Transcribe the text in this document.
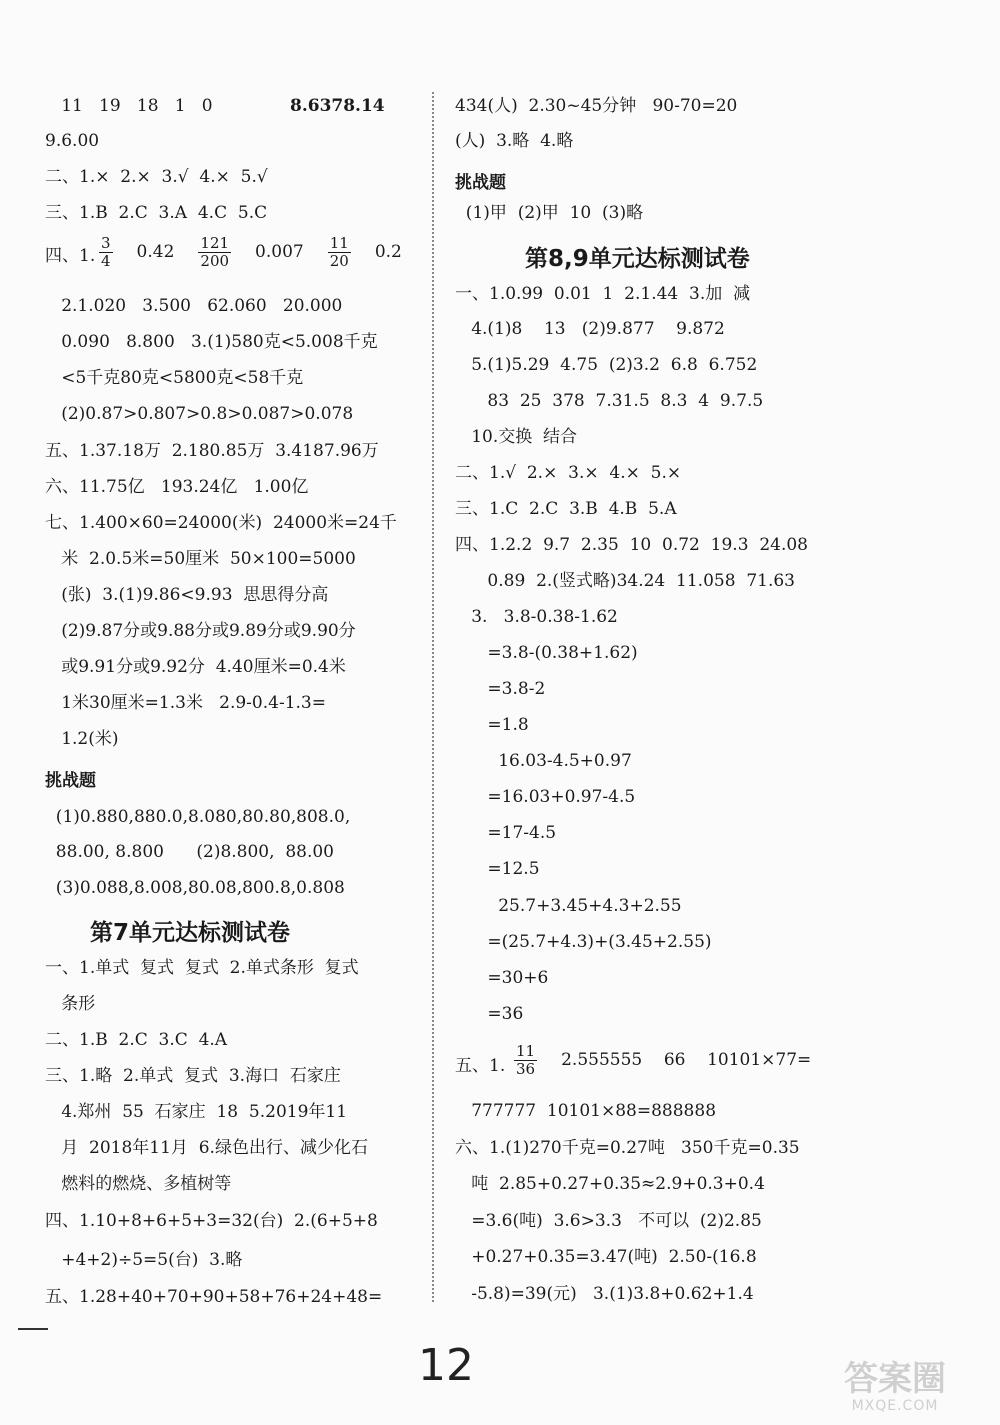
11   19   18   1   0	8.6378.14
9.6.00
二、1.×  2.×  3.√  4.×  5.√
三、1.B  2.C  3.A  4.C  5.C
四、1. $\frac{3}{4} 0.42 \frac{121}{200} 0.007 \frac{11}{20} 0.2$
2.1.020   3.500   62.060   20.000
0.090   8.800   3.(1)580克<5.008千克
<5千克80克<5800克<58千克
(2)0.87>0.807>0.8>0.087>0.078
五、1.37.18万  2.180.85万  3.4187.96万
六、11.75亿   193.24亿   1.00亿
七、1.400×60=24000(米)  24000米=24千
米  2.0.5米=50厘米  50×100=5000
(张)  3.(1)9.86<9.93  思思得分高
(2)9.87分或9.88分或9.89分或9.90分
或9.91分或9.92分  4.40厘米=0.4米
1米30厘米=1.3米   2.9-0.4-1.3=
1.2(米)
挑战题
(1)0.880,880.0,8.080,80.80,808.0,
88.00, 8.800      (2)8.800,  88.00
(3)0.088,8.008,80.08,800.8,0.808
第7单元达标测试卷
一、1.单式  复式  复式  2.单式条形  复式
条形
二、1.B  2.C  3.C  4.A
三、1.略  2.单式  复式  3.海口  石家庄
4.郑州  55  石家庄  18  5.2019年11
月  2018年11月  6.绿色出行、减少化石
燃料的燃烧、多植树等
四、1.10+8+6+5+3=32(台)  2.(6+5+8
+4+2)÷5=5(台)  3.略
五、1.28+40+70+90+58+76+24+48=
434(人)  2.30~45分钟   90-70=20
(人)  3.略  4.略
挑战题
(1)甲  (2)甲  10  (3)略
第8,9单元达标测试卷
一、1.0.99  0.01  1  2.1.44  3.加  减
4.(1)8    13   (2)9.877    9.872
5.(1)5.29  4.75  (2)3.2  6.8  6.752
83  25  378  7.31.5  8.3  4  9.7.5
10.交换  结合
二、1.√  2.×  3.×  4.×  5.×
三、1.C  2.C  3.B  4.B  5.A
四、1.2.2  9.7  2.35  10  0.72  19.3  24.08
0.89  2.(竖式略)34.24  11.058  71.63
3.   3.8-0.38-1.62
=3.8-(0.38+1.62)
=3.8-2
=1.8
16.03-4.5+0.97
=16.03+0.97-4.5
=17-4.5
=12.5
25.7+3.45+4.3+2.55
=(25.7+4.3)+(3.45+2.55)
=30+6
=36
五、1. $\frac{11}{36} 2.555555$    66    10101×77=
777777  10101×88=888888
六、1.(1)270千克=0.27吨   350千克=0.35
吨  2.85+0.27+0.35≈2.9+0.3+0.4
=3.6(吨)  3.6>3.3   不可以  (2)2.85
+0.27+0.35=3.47(吨)  2.50-(16.8
-5.8)=39(元)   3.(1)3.8+0.62+1.4
12	答案圈
MXQE.COM
